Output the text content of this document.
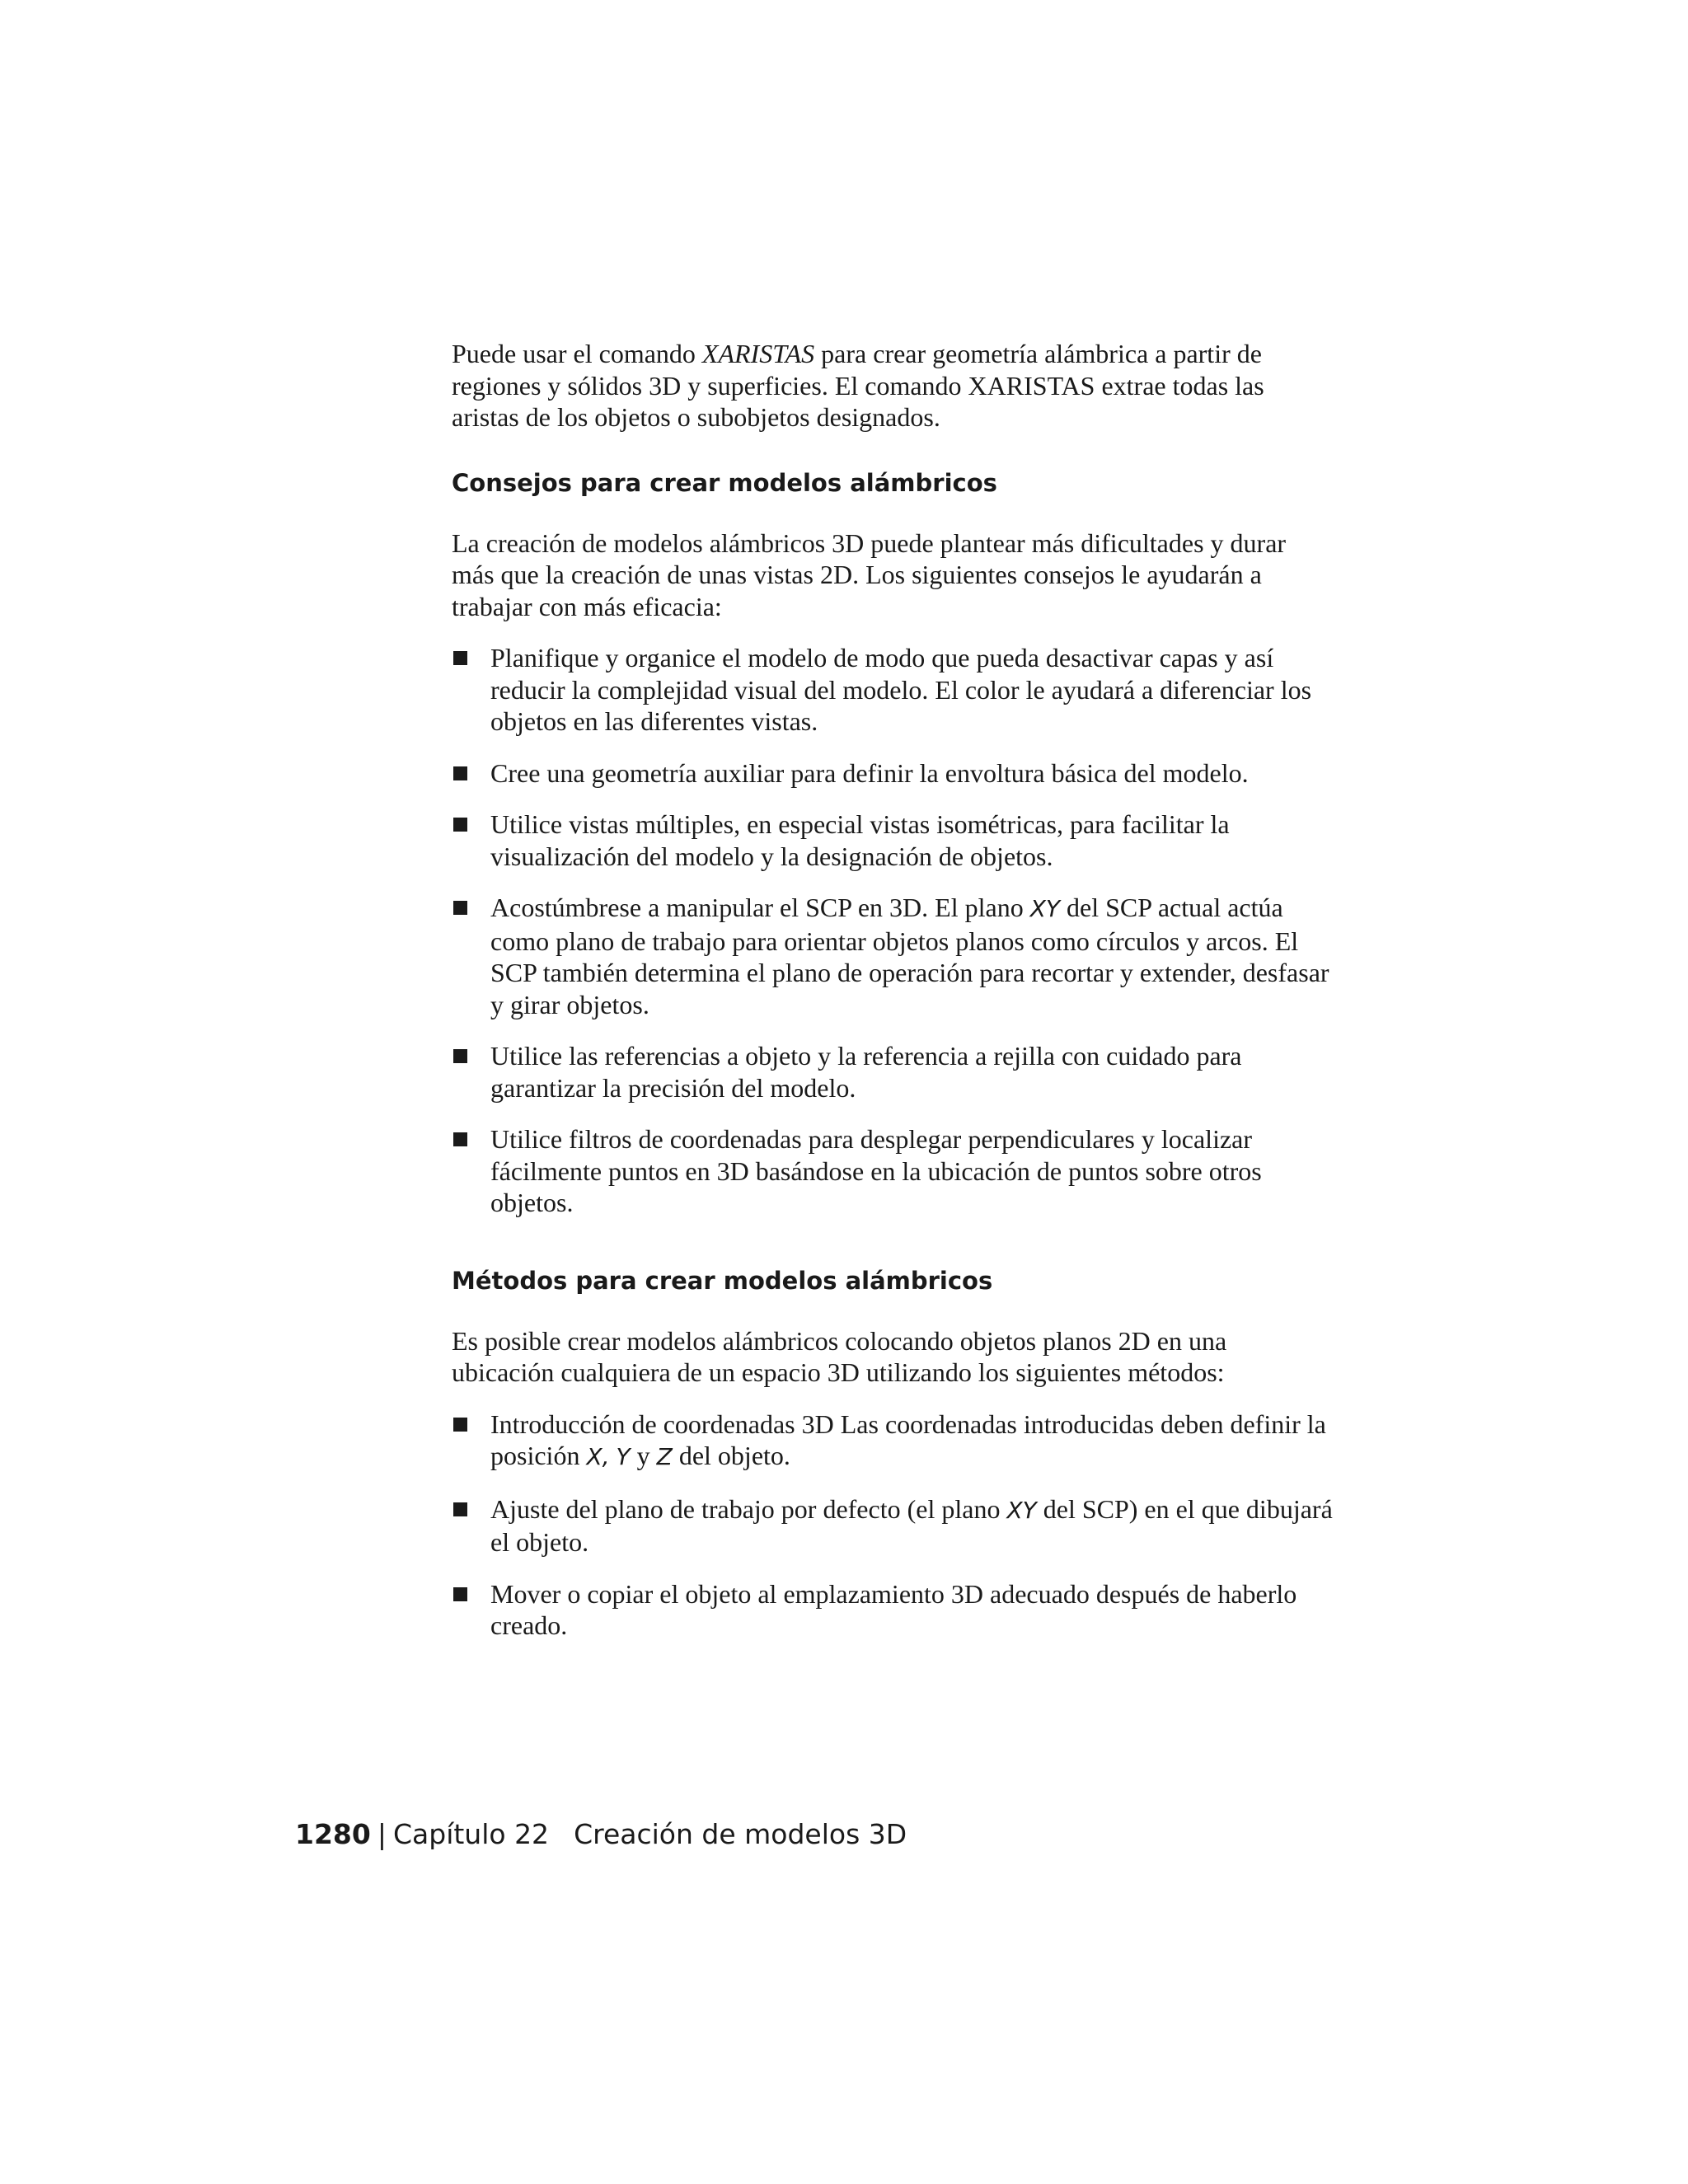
Puede usar el comando XARISTAS para crear geometría alámbrica a partir de regiones y sólidos 3D y superficies. El comando XARISTAS extrae todas las aristas de los objetos o subobjetos designados.

Consejos para crear modelos alámbricos

La creación de modelos alámbricos 3D puede plantear más dificultades y durar más que la creación de unas vistas 2D. Los siguientes consejos le ayudarán a trabajar con más eficacia:

Planifique y organice el modelo de modo que pueda desactivar capas y así reducir la complejidad visual del modelo. El color le ayudará a diferenciar los objetos en las diferentes vistas.
Cree una geometría auxiliar para definir la envoltura básica del modelo.
Utilice vistas múltiples, en especial vistas isométricas, para facilitar la visualización del modelo y la designación de objetos.
Acostúmbrese a manipular el SCP en 3D. El plano XY del SCP actual actúa como plano de trabajo para orientar objetos planos como círculos y arcos. El SCP también determina el plano de operación para recortar y extender, desfasar y girar objetos.
Utilice las referencias a objeto y la referencia a rejilla con cuidado para garantizar la precisión del modelo.
Utilice filtros de coordenadas para desplegar perpendiculares y localizar fácilmente puntos en 3D basándose en la ubicación de puntos sobre otros objetos.
Métodos para crear modelos alámbricos

Es posible crear modelos alámbricos colocando objetos planos 2D en una ubicación cualquiera de un espacio 3D utilizando los siguientes métodos:

Introducción de coordenadas 3D Las coordenadas introducidas deben definir la posición X, Y y Z del objeto.
Ajuste del plano de trabajo por defecto (el plano XY del SCP) en el que dibujará el objeto.
Mover o copiar el objeto al emplazamiento 3D adecuado después de haberlo creado.
1280 | Capítulo 22 Creación de modelos 3D
